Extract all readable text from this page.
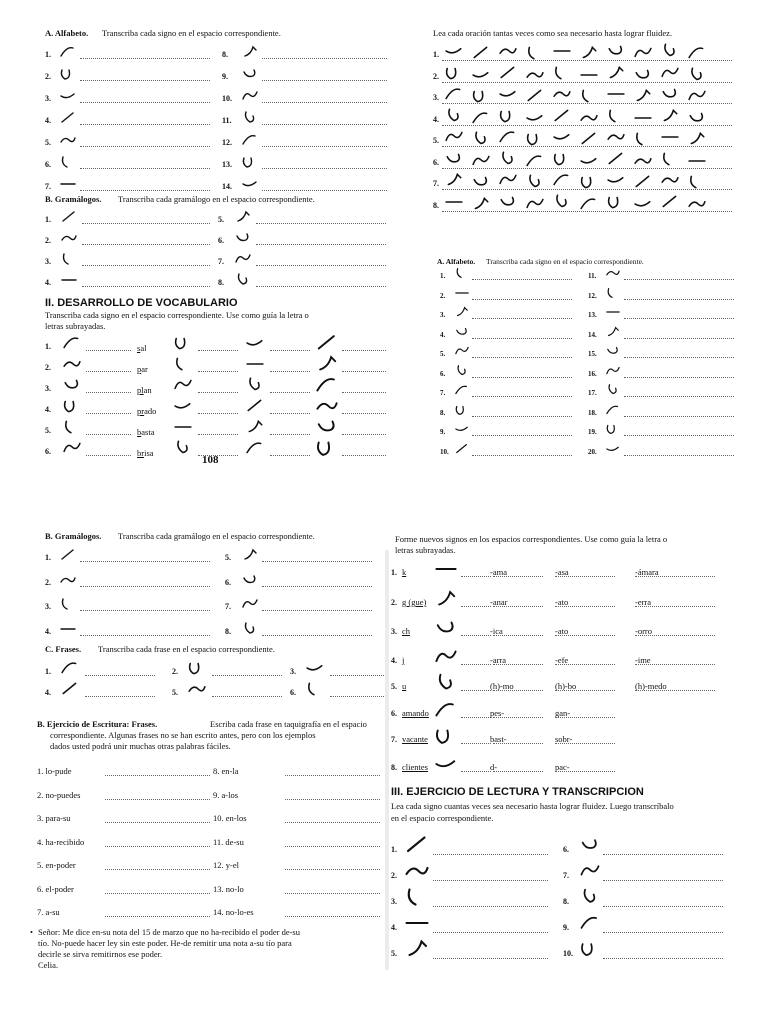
A. Alfabeto. Transcriba cada signo en el espacio correspondiente.
1.
2.
3.
4.
5.
6.
7.
8.
9.
10.
11.
12.
13.
14.
B. Gramálogos. Transcriba cada gramálogo en el espacio correspondiente.
1.
2.
3.
4.
5.
6.
7.
8.
II. DESARROLLO DE VOCABULARIO
Transcriba cada signo en el espacio correspondiente. Use como guía la letra o
letras subrayadas.
1.	sal
2.	par
3.	plan
4.	prado
5.	basta
6.	brisa
108
Lea cada oración tantas veces como sea necesario hasta lograr fluidez.
1.
2.
3.
4.
5.
6.
7.
8.
A. Alfabeto. Transcriba cada signo en el espacio correspondiente.
1.
2.
3.
4.
5.
6.
7.
8.
9.
10.
11.
12.
13.
14.
15.
16.
17.
18.
19.
20.
B. Gramálogos. Transcriba cada gramálogo en el espacio correspondiente.
1.
2.
3.
4.
5.
6.
7.
8.
C. Frases. Transcriba cada frase en el espacio correspondiente.
1.	2.	3.
4.	5.	6.
B. Ejercicio de Escritura: Frases.	Escriba cada frase en taquigrafía en el espacio
correspondiente. Algunas frases no se han escrito antes, pero con los ejemplos
dados usted podrá unir muchas otras palabras fáciles.
1. lo-pude
2. no-puedes
3. para-su
4. ha-recibido
5. en-poder
6. el-poder
7. a-su
8. en-la
9. a-los
10. en-los
11. de-su
12. y-el
13. no-lo
14. no-lo-es
• Señor: Me dice en-su nota del 15 de marzo que no ha-recibido el poder de-su
tío. No-puede hacer ley sin este poder. He-de remitir una nota a-su tío para
decirle se sirva remitirnos ese poder.
Celia.
Forme nuevos signos en los espacios correspondientes. Use como guía la letra o
letras subrayadas.
1. k	-ama	-asa	-ámara
2. g (gue)	-anar	-ato	-erra
3. ch	-ica	-ato	-orro
4. j	-arra	-efe	-ime
5. u	(h)-mo	(h)-bo	(h)-medo
6. amando	pes-	gan-
7. vacante	bast-	sobr-
8. clientes	d-	pac-
III. EJERCICIO DE LECTURA Y TRANSCRIPCION
Lea cada signo cuantas veces sea necesario hasta lograr fluidez. Luego transcríbalo
en el espacio correspondiente.
1.
2.
3.
4.
5.
6.
7.
8.
9.
10.
